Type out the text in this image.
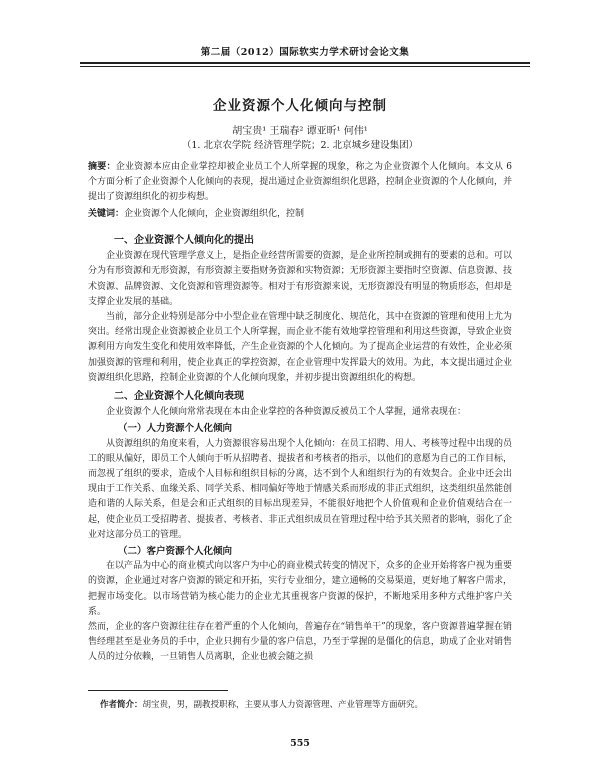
第二届（2012）国际软实力学术研讨会论文集
企业资源个人化倾向与控制
胡宝贵¹ 王瑞春² 谭亚昕¹ 何伟¹
（1. 北京农学院 经济管理学院；2. 北京城乡建设集团）
摘要：企业资源本应由企业掌控却被企业员工个人所掌握的现象，称之为企业资源个人化倾向。本文从 6 个方面分析了企业资源个人化倾向的表现，提出通过企业资源组织化思路，控制企业资源的个人化倾向，并提出了资源组织化的初步构想。
关键词：企业资源个人化倾向，企业资源组织化，控制
一、企业资源个人倾向化的提出

企业资源在现代管理学意义上，是指企业经营所需要的资源，是企业所控制或拥有的要素的总和。可以分为有形资源和无形资源，有形资源主要指财务资源和实物资源；无形资源主要指时空资源、信息资源、技术资源、品牌资源、文化资源和管理资源等。相对于有形资源来说，无形资源没有明显的物质形态，但却是支撑企业发展的基础。

当前，部分企业特别是部分中小型企业在管理中缺乏制度化、规范化，其中在资源的管理和使用上尤为突出。经常出现企业资源被企业员工个人所掌握，而企业不能有效地掌控管理和利用这些资源，导致企业资源利用方向发生变化和使用效率降低，产生企业资源的个人化倾向。为了提高企业运营的有效性，企业必须加强资源的管理和利用，使企业真正的掌控资源，在企业管理中发挥最大的效用。为此，本文提出通过企业资源组织化思路，控制企业资源的个人化倾向现象，并初步提出资源组织化的构想。

二、企业资源个人化倾向表现

企业资源个人化倾向常常表现在本由企业掌控的各种资源反被员工个人掌握，通常表现在：

（一）人力资源个人化倾向

从资源组织的角度来看，人力资源很容易出现个人化倾向：在员工招聘、用人、考核等过程中出现的员工的眼从偏好，即员工个人倾向于听从招聘者、提拔者和考核者的指示，以他们的意愿为自己的工作目标，而忽视了组织的要求，造成个人目标和组织目标的分离，达不到个人和组织行为的有效契合。企业中还会出现由于工作关系、血缘关系、同学关系、相同偏好等地于情感关系而形成的非正式组织，这类组织虽然能创造和谐的人际关系，但是会和正式组织的目标出现差异，不能很好地把个人价值观和企业价值观结合在一起，使企业员工受招聘者、提拔者、考核者、非正式组织成员在管理过程中给予其关照者的影响，弱化了企业对这部分员工的管理。

（二）客户资源个人化倾向

在以产品为中心的商业模式向以客户为中心的商业模式转变的情况下，众多的企业开始将客户视为重要的资源，企业通过对客户资源的锁定和开拓，实行专业细分，建立通畅的交易渠道，更好地了解客户需求，把握市场变化。以市场营销为核心能力的企业尤其重视客户资源的保护，不断地采用多种方式维护客户关系。

然而，企业的客户资源往往存在着严重的个人化倾向，普遍存在“销售单干”的现象，客户资源普遍掌握在销售经理甚至是业务员的手中，企业只拥有少量的客户信息，乃至于掌握的是僵化的信息，助成了企业对销售人员的过分依赖，一旦销售人员离职，企业也被会随之损

作者简介：胡宝贵，男，副教授职称，主要从事人力资源管理、产业管理等方面研究。
555
